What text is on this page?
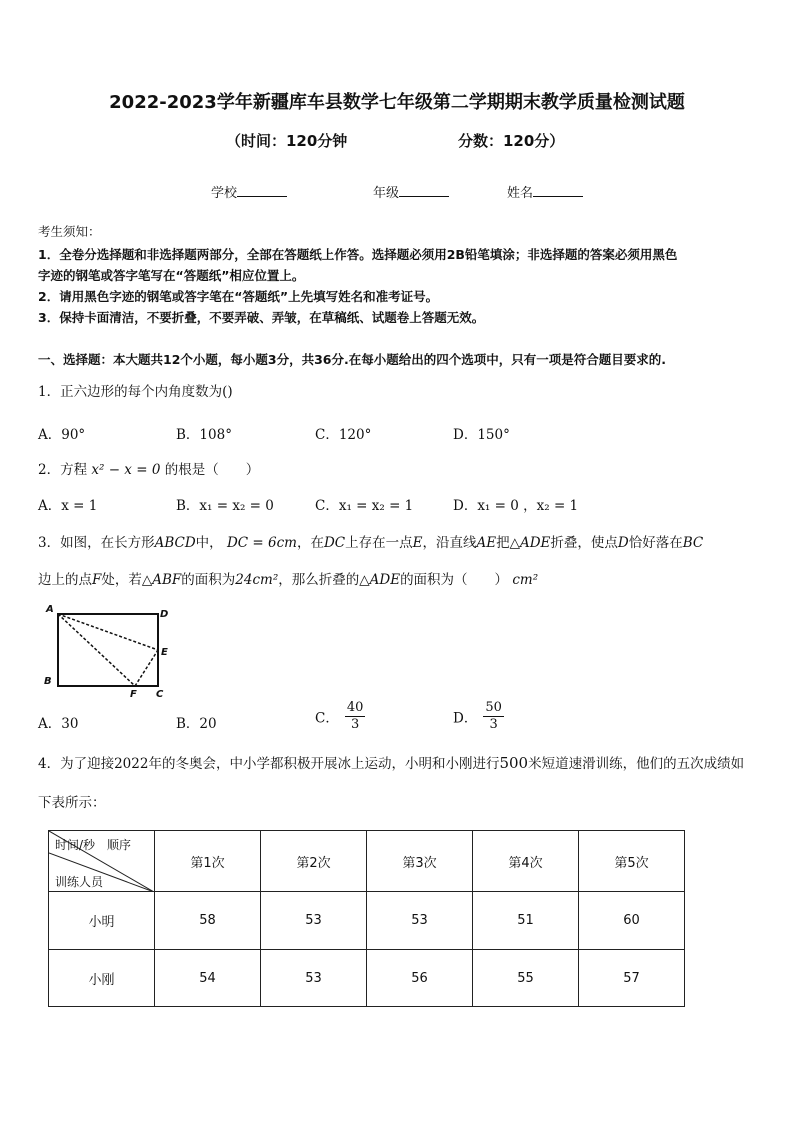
2022-2023学年新疆库车县数学七年级第二学期期末教学质量检测试题
（时间：120分钟	分数：120分）
学校	年级	姓名
考生须知：
1．全卷分选择题和非选择题两部分，全部在答题纸上作答。选择题必须用2B铅笔填涂；非选择题的答案必须用黑色
字迹的钢笔或答字笔写在“答题纸”相应位置上。
2．请用黑色字迹的钢笔或答字笔在“答题纸”上先填写姓名和准考证号。
3．保持卡面清洁，不要折叠，不要弄破、弄皱，在草稿纸、试题卷上答题无效。
一、选择题：本大题共12个小题，每小题3分，共36分.在每小题给出的四个选项中，只有一项是符合题目要求的.
1．正六边形的每个内角度数为()
A．90°	B．108°	C．120°	D．150°
2．方程 x² − x = 0 的根是（　　）
A．x = 1	B．x₁ = x₂ = 0	C．x₁ = x₂ = 1	D．x₁ = 0 ，x₂ = 1
3．如图，在长方形ABCD中， DC = 6cm，在DC上存在一点E，沿直线AE把△ADE折叠，使点D恰好落在BC
边上的点F处，若△ABF的面积为24cm²，那么折叠的△ADE的面积为（　　） cm²
A	D
E
B
F C
A．30	B．20	C． $\frac{40}{3}$	D． $\frac{50}{3}$
4．为了迎接2022年的冬奥会，中小学都积极开展冰上运动，小明和小刚进行500米短道速滑训练，他们的五次成绩如
下表所示：
时间/秒　顺序
训练人员	第1次	第2次	第3次	第4次	第5次
小明	58	53	53	51	60
小刚	54	53	56	55	57
